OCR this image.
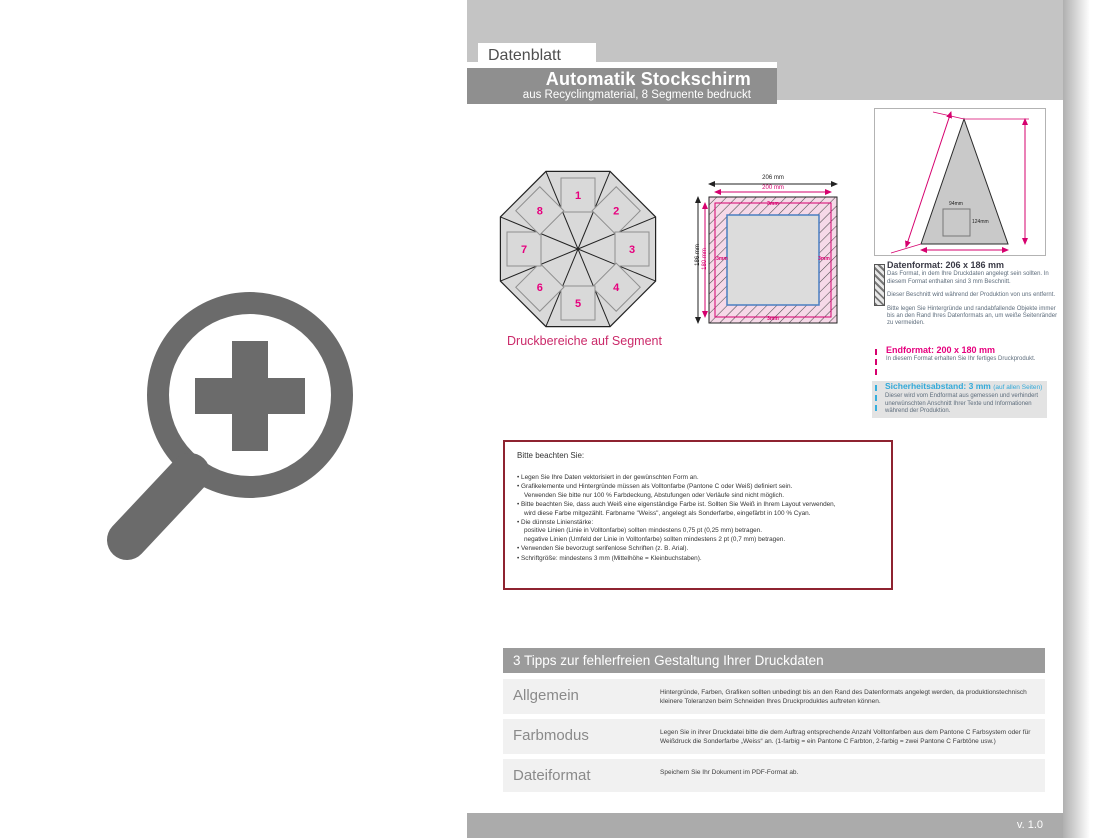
Datenblatt
Automatik Stockschirm
aus Recyclingmaterial, 8 Segmente bedruckt
1
2
3
4
5
6
7
8
Druckbereiche auf Segment
206 mm
200 mm
186 mm 180 mm
3mm
3mm
3mm	3mm
94mm
124mm
Datenformat: 206 x 186 mm

Das Format, in dem Ihre Druckdaten angelegt sein sollten. In diesem Format enthalten sind 3 mm Beschnitt.

Dieser Beschnitt wird während der Produktion von uns entfernt.

Bitte legen Sie Hintergründe und randabfallende Objekte immer bis an den Rand Ihres Datenformats an, um weiße Seitenränder zu vermeiden.

Endformat: 200 x 180 mm

In diesem Format erhalten Sie Ihr fertiges Druckprodukt.

Sicherheitsabstand: 3 mm (auf allen Seiten)

Dieser wird vom Endformat aus gemessen und verhindert unerwünschten Anschnitt Ihrer Texte und Informationen während der Produktion.

Bitte beachten Sie:
• Legen Sie Ihre Daten vektorisiert in der gewünschten Form an.
• Grafikelemente und Hintergründe müssen als Volltonfarbe (Pantone C oder Weiß) definiert sein.
Verwenden Sie bitte nur 100 % Farbdeckung, Abstufungen oder Verläufe sind nicht möglich.
• Bitte beachten Sie, dass auch Weiß eine eigenständige Farbe ist. Sollten Sie Weiß in Ihrem Layout verwenden,
wird diese Farbe mitgezählt. Farbname "Weiss", angelegt als Sonderfarbe, eingefärbt in 100 % Cyan.
• Die dünnste Linienstärke:
positive Linien (Linie in Volltonfarbe) sollten mindestens 0,75 pt (0,25 mm) betragen.
negative Linien (Umfeld der Linie in Volltonfarbe) sollten mindestens 2 pt (0,7 mm) betragen.
• Verwenden Sie bevorzugt serifenlose Schriften (z. B. Arial).
• Schriftgröße: mindestens 3 mm (Mittelhöhe = Kleinbuchstaben).
3 Tipps zur fehlerfreien Gestaltung Ihrer Druckdaten
Allgemein	Hintergründe, Farben, Grafiken sollten unbedingt bis an den Rand des Datenformats angelegt werden, da produktionstechnisch kleinere Toleranzen beim Schneiden Ihres Druckproduktes auftreten können.
Farbmodus	Legen Sie in ihrer Druckdatei bitte die dem Auftrag entsprechende Anzahl Volltonfarben aus dem Pantone C Farbsystem oder für Weißdruck die Sonderfarbe „Weiss“ an. (1-farbig = ein Pantone C Farbton, 2-farbig = zwei Pantone C Farbtöne usw.)
Dateiformat	Speichern Sie Ihr Dokument im PDF-Format ab.
v. 1.0
